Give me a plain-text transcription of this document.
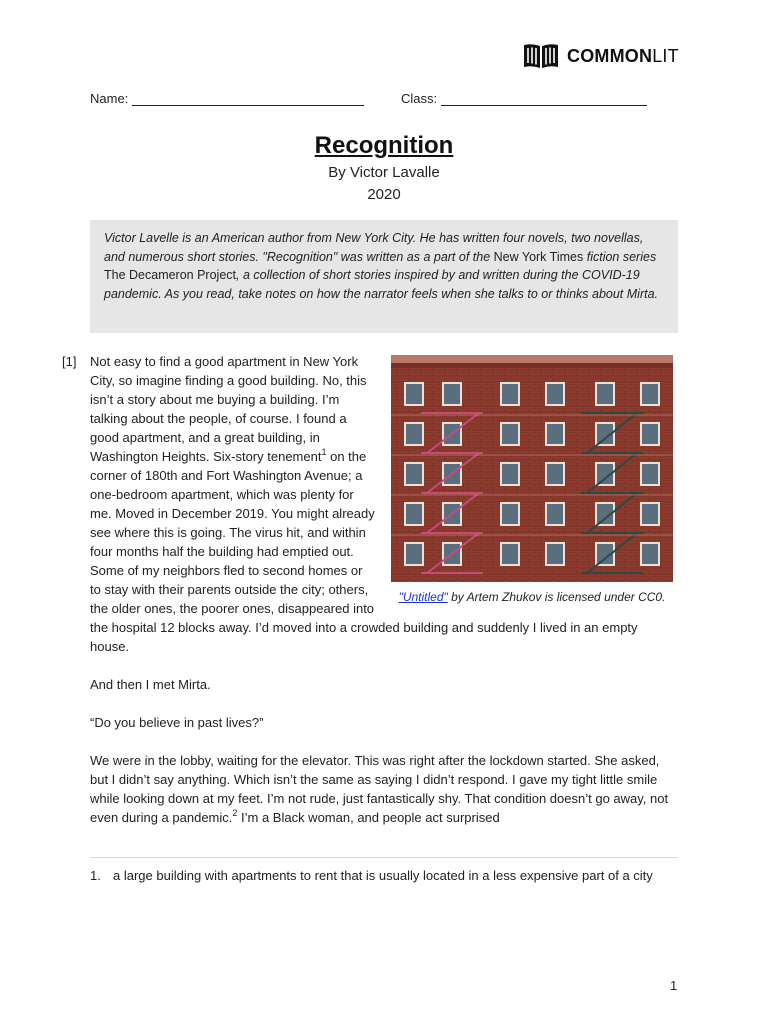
COMMONLIT
Name:	Class:
Recognition
By Victor Lavalle
2020
Victor Lavelle is an American author from New York City. He has written four novels, two novellas, and numerous short stories. "Recognition" was written as a part of the New York Times fiction series The Decameron Project, a collection of short stories inspired by and written during the COVID-19 pandemic. As you read, take notes on how the narrator feels when she talks to or thinks about Mirta.
[1]
"Untitled" by Artem Zhukov is licensed under CC0.

Not easy to find a good apartment in New York City, so imagine finding a good building. No, this isn’t a story about me buying a building. I’m talking about the people, of course. I found a good apartment, and a great building, in Washington Heights. Six-story tenement$^1$ on the corner of 180th and Fort Washington Avenue; a one-bedroom apartment, which was plenty for me. Moved in December 2019. You might already see where this is going. The virus hit, and within four months half the building had emptied out. Some of my neighbors fled to second homes or to stay with their parents outside the city; others, the older ones, the poorer ones, disappeared into the hospital 12 blocks away. I’d moved into a crowded building and suddenly I lived in an empty house.

And then I met Mirta.

“Do you believe in past lives?”

We were in the lobby, waiting for the elevator. This was right after the lockdown started. She asked, but I didn’t say anything. Which isn’t the same as saying I didn’t respond. I gave my tight little smile while looking down at my feet. I’m not rude, just fantastically shy. That condition doesn’t go away, not even during a pandemic.$^2$ I’m a Black woman, and people act surprised

1. a large building with apartments to rent that is usually located in a less expensive part of a city
1
